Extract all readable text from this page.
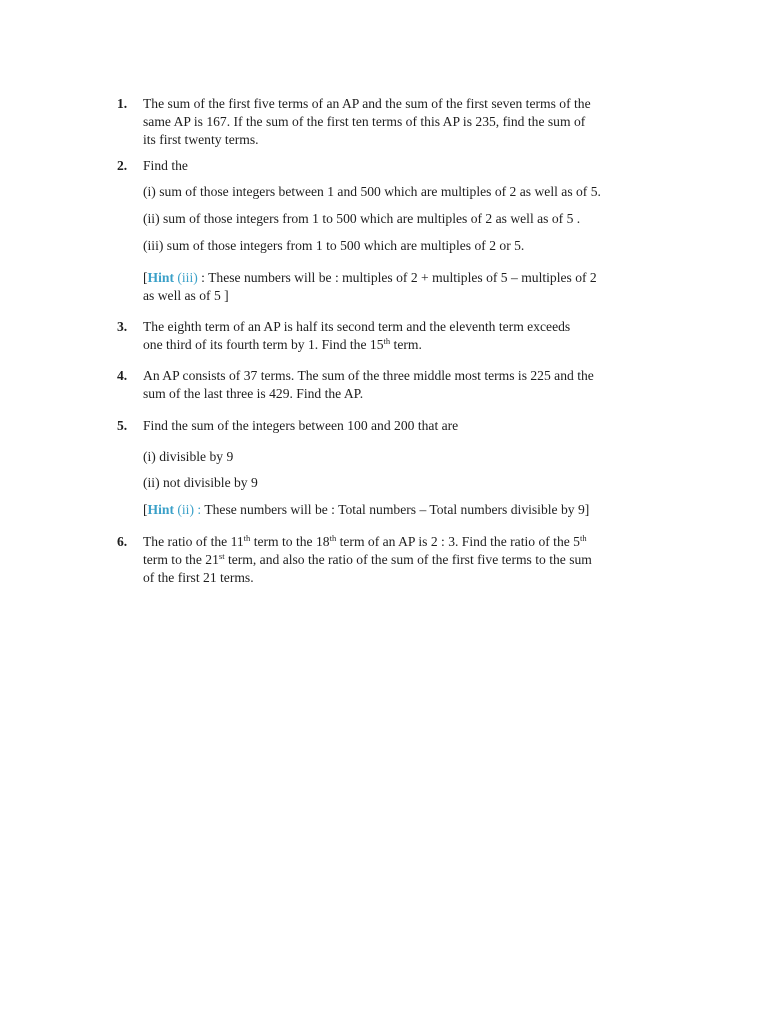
1. The sum of the first five terms of an AP and the sum of the first seven terms of the
same AP is 167. If the sum of the first ten terms of this AP is 235, find the sum of
its first twenty terms.
2. Find the
(i) sum of those integers between 1 and 500 which are multiples of 2 as well as of 5.
(ii) sum of those integers from 1 to 500 which are multiples of 2 as well as of 5 .
(iii) sum of those integers from 1 to 500 which are multiples of 2 or 5.
[Hint (iii) : These numbers will be : multiples of 2 + multiples of 5 – multiples of 2
as well as of 5 ]
3. The eighth term of an AP is half its second term and the eleventh term exceeds
one third of its fourth term by 1. Find the 15th term.
4. An AP consists of 37 terms. The sum of the three middle most terms is 225 and the
sum of the last three is 429. Find the AP.
5. Find the sum of the integers between 100 and 200 that are
(i) divisible by 9
(ii) not divisible by 9
[Hint (ii) : These numbers will be : Total numbers – Total numbers divisible by 9]
6. The ratio of the 11th term to the 18th term of an AP is 2 : 3. Find the ratio of the 5th
term to the 21st term, and also the ratio of the sum of the first five terms to the sum
of the first 21 terms.
